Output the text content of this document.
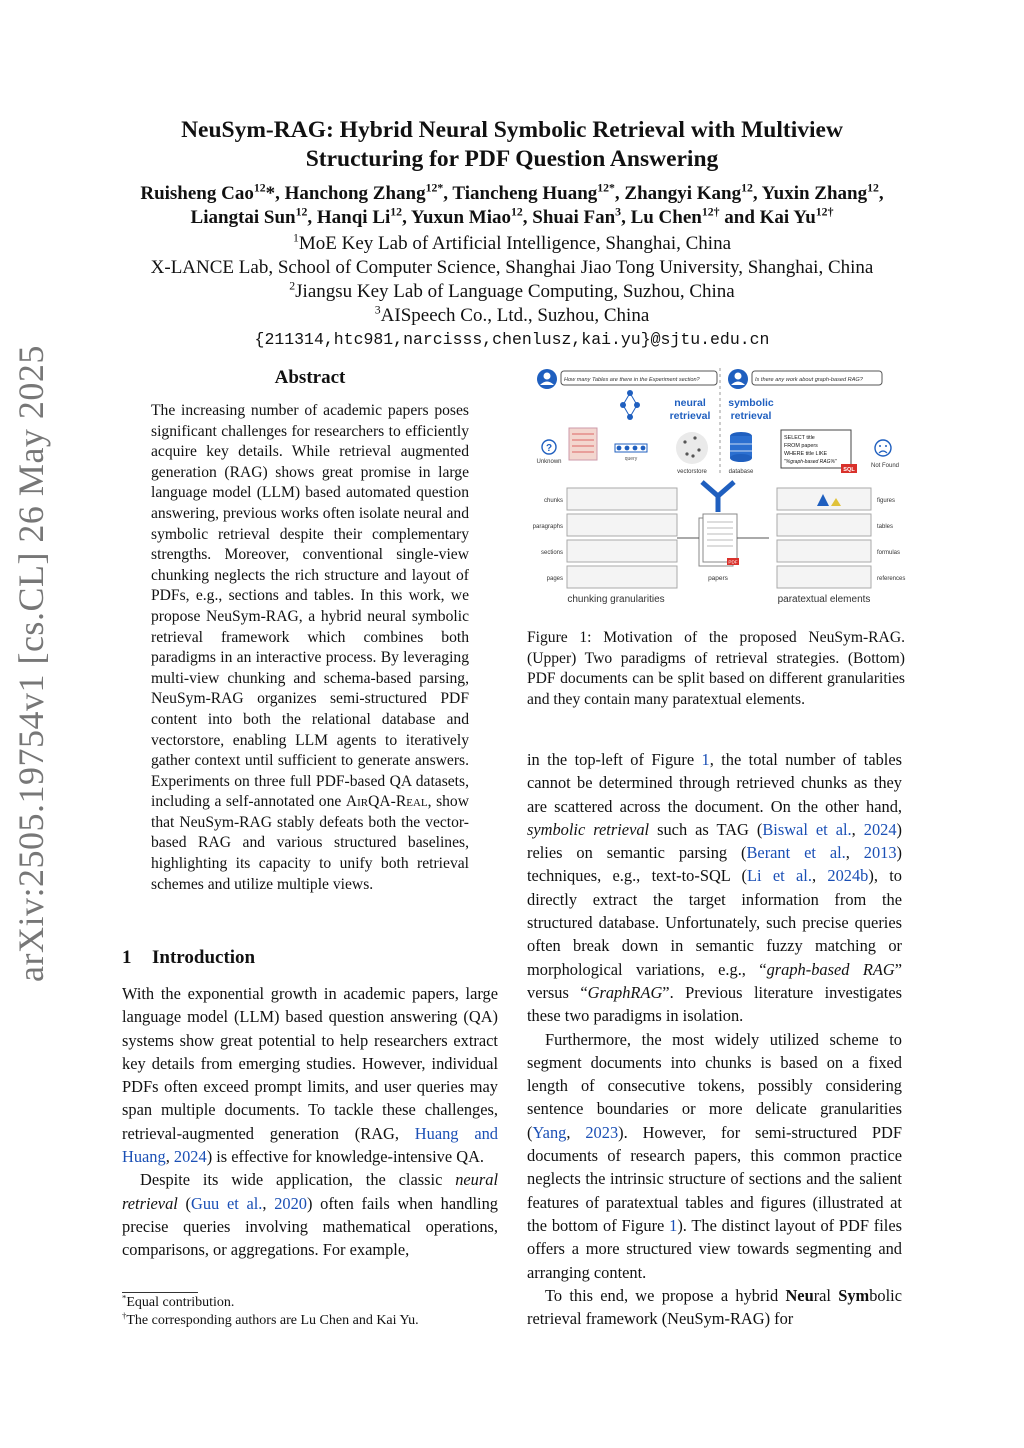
arXiv:2505.19754v1 [cs.CL] 26 May 2025
NeuSym-RAG: Hybrid Neural Symbolic Retrieval with Multiview
Structuring for PDF Question Answering
Ruisheng Cao$^{12}$*, Hanchong Zhang$^{12*}$, Tiancheng Huang$^{12*}$, Zhangyi Kang$^{12}$, Yuxin Zhang$^{12}$,
Liangtai Sun$^{12}$, Hanqi Li$^{12}$, Yuxun Miao$^{12}$, Shuai Fan$^3$, Lu Chen$^{12\dagger}$ and Kai $Yu^{12\dagger}$
$^1$MoE Key Lab of Artificial Intelligence, Shanghai, China
X-LANCE Lab, School of Computer Science, Shanghai Jiao Tong University, Shanghai, China
$^2$Jiangsu Key Lab of Language Computing, Suzhou, China
$^3$AISpeech Co., Ltd., Suzhou, China
{211314,htc981,narcisss,chenlusz,kai.yu}@sjtu.edu.cn
Abstract
The increasing number of academic papers poses significant challenges for researchers to efficiently acquire key details. While retrieval augmented generation (RAG) shows great promise in large language model (LLM) based automated question answering, previous works often isolate neural and symbolic retrieval despite their complementary strengths. Moreover, conventional single-view chunking neglects the rich structure and layout of PDFs, e.g., sections and tables. In this work, we propose NeuSym-RAG, a hybrid neural symbolic retrieval framework which combines both paradigms in an interactive process. By leveraging multi-view chunking and schema-based parsing, NeuSym-RAG organizes semi-structured PDF content into both the relational database and vectorstore, enabling LLM agents to iteratively gather context until sufficient to generate answers. Experiments on three full PDF-based QA datasets, including a self-annotated one AirQA-Real, show that NeuSym-RAG stably defeats both the vector-based RAG and various structured baselines, highlighting its capacity to unify both retrieval schemes and utilize multiple views.
1 Introduction

With the exponential growth in academic papers, large language model (LLM) based question answering (QA) systems show great potential to help researchers extract key details from emerging studies. However, individual PDFs often exceed prompt limits, and user queries may span multiple documents. To tackle these challenges, retrieval-augmented generation (RAG, Huang and Huang, 2024) is effective for knowledge-intensive QA.

Despite its wide application, the classic neural retrieval (Guu et al., 2020) often fails when handling precise queries involving mathematical operations, comparisons, or aggregations. For example,

*Equal contribution.
†The corresponding authors are Lu Chen and Kai Yu.

in the top-left of Figure 1, the total number of tables cannot be determined through retrieved chunks as they are scattered across the document. On the other hand, symbolic retrieval such as TAG (Biswal et al., 2024) relies on semantic parsing (Berant et al., 2013) techniques, e.g., text-to-SQL (Li et al., 2024b), to directly extract the target information from the structured database. Unfortunately, such precise queries often break down in semantic fuzzy matching or morphological variations, e.g., “graph-based RAG” versus “GraphRAG”. Previous literature investigates these two paradigms in isolation.

Furthermore, the most widely utilized scheme to segment documents into chunks is based on a fixed length of consecutive tokens, possibly considering sentence boundaries or more delicate granularities (Yang, 2023). However, for semi-structured PDF documents of research papers, this common practice neglects the intrinsic structure of sections and the salient features of paratextual tables and figures (illustrated at the bottom of Figure 1). The distinct layout of PDF files offers a more structured view towards segmenting and arranging content.

To this end, we propose a hybrid Neural Symbolic retrieval framework (NeuSym-RAG) for

How many Tables are there in the Experiment section?	Is there any work about graph-based RAG?
neural retrieval
symbolic retrieval
query
?
Unknown
vectorstore	database
SELECT title
FROM papers
WHERE title LIKE
"%graph-based RAG%"
SQL
Not Found
chunks
paragraphs
sections
pages
PDF
papers
figures
tables
formulas
references
chunking granularities	paratextual elements
Figure 1: Motivation of the proposed NeuSym-RAG. (Upper) Two paradigms of retrieval strategies. (Bottom) PDF documents can be split based on different granularities and they contain many paratextual elements.
